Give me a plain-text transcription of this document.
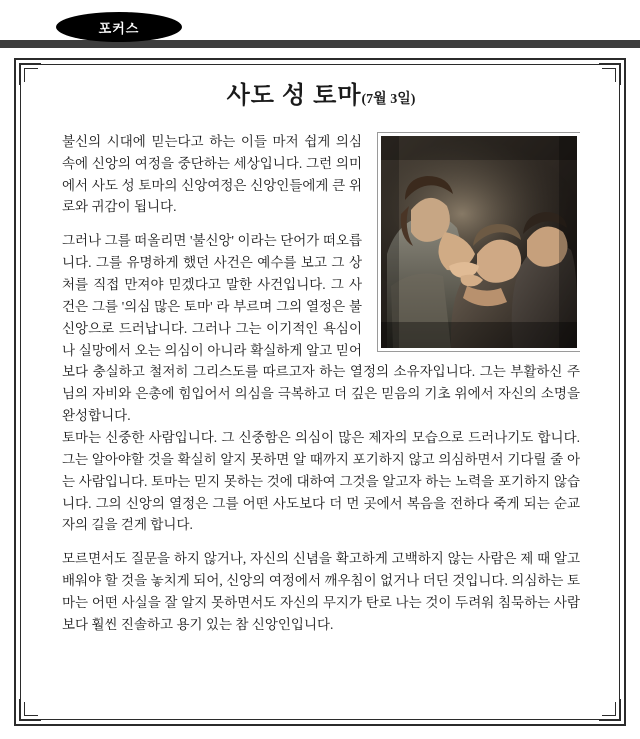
포커스
사도 성 토마(7월 3일)

불신의 시대에 믿는다고 하는 이들 마저 쉽게 의심 속에 신앙의 여정을 중단하는 세상입니다. 그런 의미에서 사도 성 토마의 신앙여정은 신앙인들에게 큰 위로와 귀감이 됩니다.

그러나 그를 떠올리면 '불신앙' 이라는 단어가 떠오릅니다. 그를 유명하게 했던 사건은 예수를 보고 그 상처를 직접 만져야 믿겠다고 말한 사건입니다. 그 사건은 그를 '의심 많은 토마' 라 부르며 그의 열정은 불신앙으로 드러납니다. 그러나 그는 이기적인 욕심이나 실망에서 오는 의심이 아니라 확실하게 알고 믿어 보다 충실하고 철저히 그리스도를 따르고자 하는 열정의 소유자입니다. 그는 부활하신 주님의 자비와 은총에 힘입어서 의심을 극복하고 더 깊은 믿음의 기초 위에서 자신의 소명을 완성합니다.

토마는 신중한 사람입니다. 그 신중함은 의심이 많은 제자의 모습으로 드러나기도 합니다. 그는 알아야할 것을 확실히 알지 못하면 알 때까지 포기하지 않고 의심하면서 기다릴 줄 아는 사람입니다. 토마는 믿지 못하는 것에 대하여 그것을 알고자 하는 노력을 포기하지 않습니다. 그의 신앙의 열정은 그를 어떤 사도보다 더 먼 곳에서 복음을 전하다 죽게 되는 순교자의 길을 걷게 합니다.

모르면서도 질문을 하지 않거나, 자신의 신념을 확고하게 고백하지 않는 사람은 제 때 알고 배워야 할 것을 놓치게 되어, 신앙의 여정에서 깨우침이 없거나 더딘 것입니다. 의심하는 토마는 어떤 사실을 잘 알지 못하면서도 자신의 무지가 탄로 나는 것이 두려워 침묵하는 사람보다 훨씬 진솔하고 용기 있는 참 신앙인입니다.
